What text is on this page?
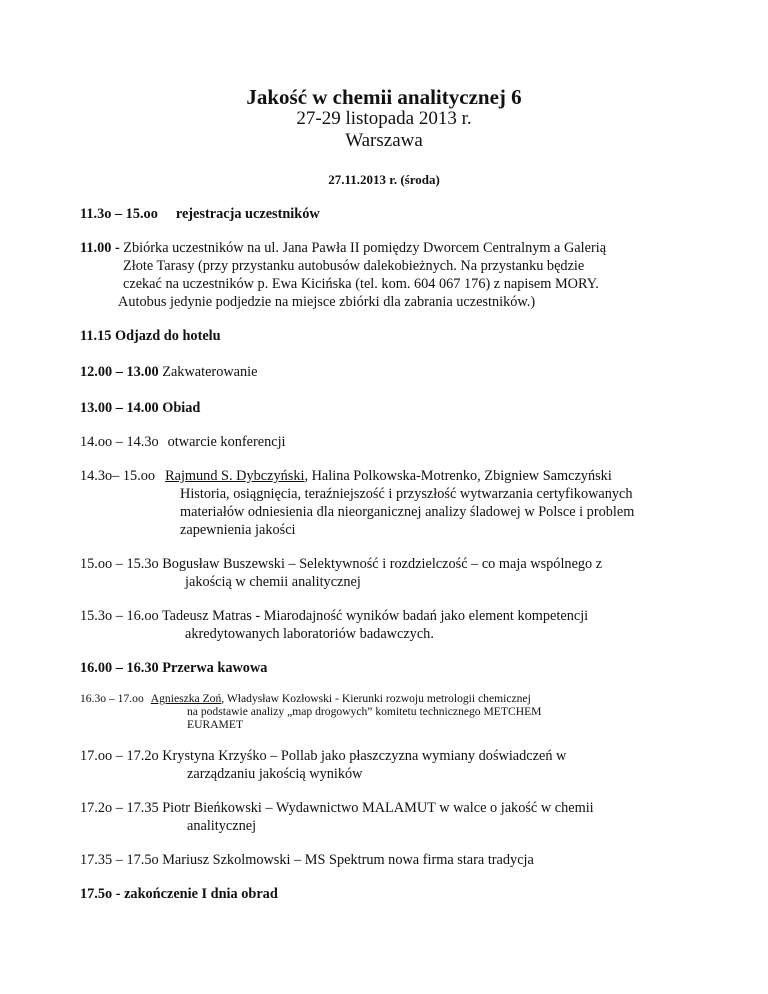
Jakość w chemii analitycznej 6
27-29 listopada 2013 r.
Warszawa
27.11.2013 r. (środa)
11.3o – 15.oo rejestracja uczestników
11.00 - Zbiórka uczestników na ul. Jana Pawła II pomiędzy Dworcem Centralnym a Galerią
Złote Tarasy (przy przystanku autobusów dalekobieżnych. Na przystanku będzie
czekać na uczestników p. Ewa Kicińska (tel. kom. 604 067 176) z napisem MORY.
Autobus jedynie podjedzie na miejsce zbiórki dla zabrania uczestników.)
11.15 Odjazd do hotelu
12.00 – 13.00 Zakwaterowanie
13.00 – 14.00 Obiad
14.oo – 14.3o otwarcie konferencji
14.3o– 15.oo Rajmund S. Dybczyński, Halina Polkowska-Motrenko, Zbigniew Samczyński
Historia, osiągnięcia, teraźniejszość i przyszłość wytwarzania certyfikowanych
materiałów odniesienia dla nieorganicznej analizy śladowej w Polsce i problem
zapewnienia jakości
15.oo – 15.3o Bogusław Buszewski – Selektywność i rozdzielczość – co maja wspólnego z
jakością w chemii analitycznej
15.3o – 16.oo Tadeusz Matras - Miarodajność wyników badań jako element kompetencji
akredytowanych laboratoriów badawczych.
16.00 – 16.30 Przerwa kawowa
16.3o – 17.oo Agnieszka Zoń, Władysław Kozłowski - Kierunki rozwoju metrologii chemicznej
na podstawie analizy „map drogowych” komitetu technicznego METCHEM
EURAMET
17.oo – 17.2o Krystyna Krzyśko – Pollab jako płaszczyzna wymiany doświadczeń w
zarządzaniu jakością wyników
17.2o – 17.35 Piotr Bieńkowski – Wydawnictwo MALAMUT w walce o jakość w chemii
analitycznej
17.35 – 17.5o Mariusz Szkolmowski – MS Spektrum nowa firma stara tradycja
17.5o - zakończenie I dnia obrad
